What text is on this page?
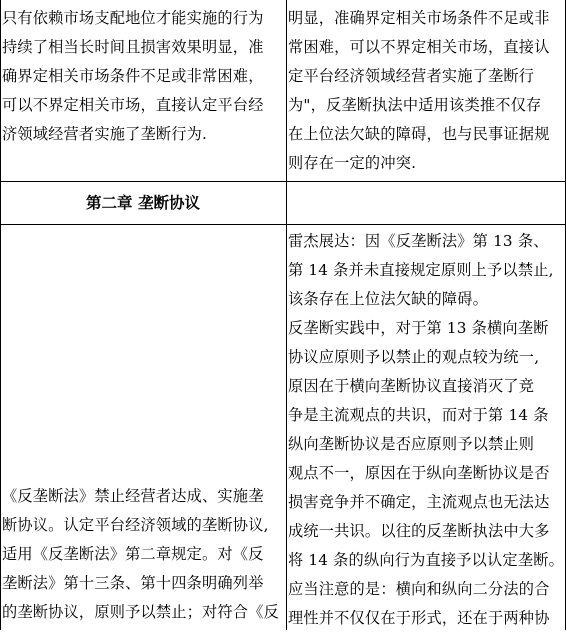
只有依赖市场支配地位才能实施的行为
持续了相当长时间且损害效果明显，准
确界定相关市场条件不足或非常困难，
可以不界定相关市场，直接认定平台经
济领域经营者实施了垄断行为.
明显，准确界定相关市场条件不足或非
常困难，可以不界定相关市场，直接认
定平台经济领域经营者实施了垄断行
为"，反垄断执法中适用该类推不仅存
在上位法欠缺的障碍，也与民事证据规
则存在一定的冲突.
第二章 垄断协议
雷杰展达：因《反垄断法》第 13 条、
第 14 条并未直接规定原则上予以禁止,
该条存在上位法欠缺的障碍。
反垄断实践中，对于第 13 条横向垄断
协议应原则予以禁止的观点较为统一,
原因在于横向垄断协议直接消灭了竞
争是主流观点的共识，而对于第 14 条
纵向垄断协议是否应原则予以禁止则
观点不一，原因在于纵向垄断协议是否
损害竞争并不确定，主流观点也无法达
成统一共识。以往的反垄断执法中大多
将 14 条的纵向行为直接予以认定垄断。
应当注意的是：横向和纵向二分法的合
理性并不仅仅在于形式，还在于两种协
《反垄断法》禁止经营者达成、实施垄
断协议。认定平台经济领域的垄断协议,
适用《反垄断法》第二章规定。对《反
垄断法》第十三条、第十四条明确列举
的垄断协议，原则予以禁止；对符合《反
